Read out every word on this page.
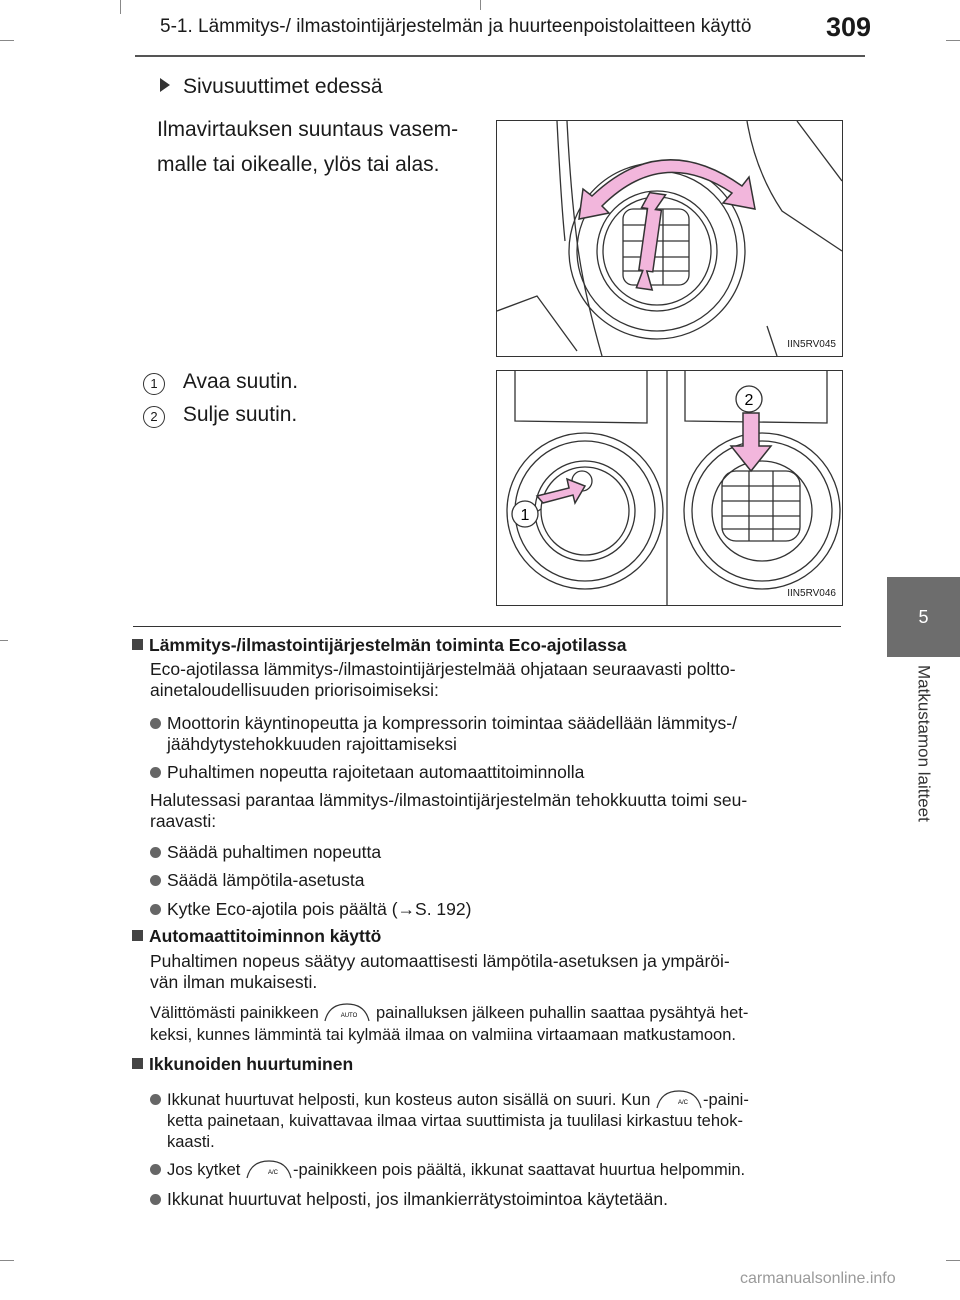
5-1. Lämmitys-/ ilmastointijärjestelmän ja huurteenpoistolaitteen käyttö	309
5
Matkustamon laitteet
Sivusuuttimet edessä
Ilmavirtauksen suuntaus vasem-
malle tai oikealle, ylös tai alas.
IIN5RV045
1 Avaa suutin.
2 Sulje suutin.
1
2
IIN5RV046
Lämmitys-/ilmastointijärjestelmän toiminta Eco-ajotilassa
Eco-ajotilassa lämmitys-/ilmastointijärjestelmää ohjataan seuraavasti poltto-
ainetaloudellisuuden priorisoimiseksi:
Moottorin käyntinopeutta ja kompressorin toimintaa säädellään lämmitys-/
jäähdytystehokkuuden rajoittamiseksi
Puhaltimen nopeutta rajoitetaan automaattitoiminnolla
Halutessasi parantaa lämmitys-/ilmastointijärjestelmän tehokkuutta toimi seu-
raavasti:
Säädä puhaltimen nopeutta
Säädä lämpötila-asetusta
Kytke Eco-ajotila pois päältä (→S. 192)
Automaattitoiminnon käyttö
Puhaltimen nopeus säätyy automaattisesti lämpötila-asetuksen ja ympäröi-
vän ilman mukaisesti.
Välittömästi painikkeen	AUTO painalluksen jälkeen puhallin saattaa pysähtyä het-
keksi, kunnes lämmintä tai kylmää ilmaa on valmiina virtaamaan matkustamoon.
Ikkunoiden huurtuminen
Ikkunat huurtuvat helposti, kun kosteus auton sisällä on suuri. Kun	A/C -paini-
ketta painetaan, kuivattavaa ilmaa virtaa suuttimista ja tuulilasi kirkastuu tehok-
kaasti.
Jos kytket	A/C -painikkeen pois päältä, ikkunat saattavat huurtua helpommin.
Ikkunat huurtuvat helposti, jos ilmankierrätystoimintoa käytetään.
carmanualsonline.info
